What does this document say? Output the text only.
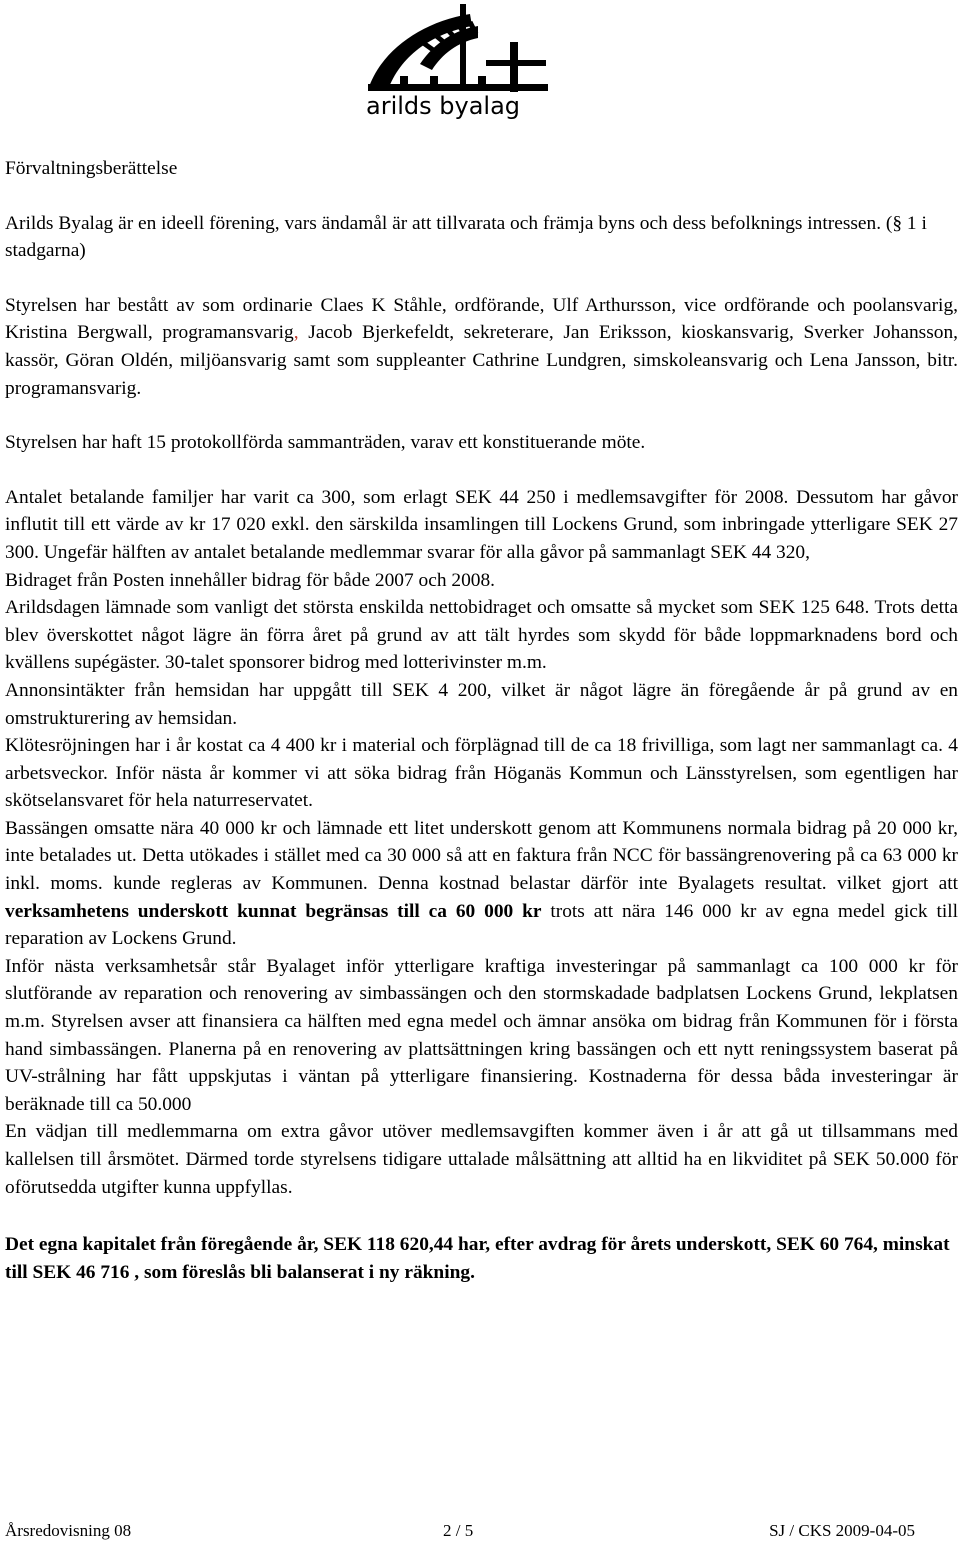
arilds byalag

Förvaltningsberättelse

Arilds Byalag är en ideell förening, vars ändamål är att tillvarata och främja byns och dess befolknings intressen. (§ 1 i stadgarna)

Styrelsen har bestått av som ordinarie Claes K Ståhle, ordförande, Ulf Arthursson, vice ordförande och poolansvarig, Kristina Bergwall, programansvarig, Jacob Bjerkefeldt, sekreterare, Jan Eriksson, kioskansvarig, Sverker Johansson, kassör, Göran Oldén, miljöansvarig samt som suppleanter Cathrine Lundgren, simskoleansvarig och Lena Jansson, bitr. programansvarig.

Styrelsen har haft 15 protokollförda sammanträden, varav ett konstituerande möte.

Antalet betalande familjer har varit ca 300, som erlagt SEK 44 250 i medlemsavgifter för 2008. Dessutom har gåvor influtit till ett värde av kr 17 020 exkl. den särskilda insamlingen till Lockens Grund, som inbringade ytterligare SEK 27 300. Ungefär hälften av antalet betalande medlemmar svarar för alla gåvor på sammanlagt SEK 44 320,

Bidraget från Posten innehåller bidrag för både 2007 och 2008.

Arildsdagen lämnade som vanligt det största enskilda nettobidraget och omsatte så mycket som SEK 125 648. Trots detta blev överskottet något lägre än förra året på grund av att tält hyrdes som skydd för både loppmarknadens bord och kvällens supégäster. 30-talet sponsorer bidrog med lotterivinster m.m.

Annonsintäkter från hemsidan har uppgått till SEK 4 200, vilket är något lägre än föregående år på grund av en omstrukturering av hemsidan.

Klötesröjningen har i år kostat ca 4 400 kr i material och förplägnad till de ca 18 frivilliga, som lagt ner sammanlagt ca. 4 arbetsveckor. Inför nästa år kommer vi att söka bidrag från Höganäs Kommun och Länsstyrelsen, som egentligen har skötselansvaret för hela naturreservatet.

Bassängen omsatte nära 40 000 kr och lämnade ett litet underskott genom att Kommunens normala bidrag på 20 000 kr, inte betalades ut. Detta utökades i stället med ca 30 000 så att en faktura från NCC för bassängrenovering på ca 63 000 kr inkl. moms. kunde regleras av Kommunen. Denna kostnad belastar därför inte Byalagets resultat. vilket gjort att verksamhetens underskott kunnat begränsas till ca 60 000 kr trots att nära 146 000 kr av egna medel gick till reparation av Lockens Grund.

Inför nästa verksamhetsår står Byalaget inför ytterligare kraftiga investeringar på sammanlagt ca 100 000 kr för slutförande av reparation och renovering av simbassängen och den stormskadade badplatsen Lockens Grund, lekplatsen m.m. Styrelsen avser att finansiera ca hälften med egna medel och ämnar ansöka om bidrag från Kommunen för i första hand simbassängen. Planerna på en renovering av plattsättningen kring bassängen och ett nytt reningssystem baserat på UV-strålning har fått uppskjutas i väntan på ytterligare finansiering. Kostnaderna för dessa båda investeringar är beräknade till ca 50.000

En vädjan till medlemmarna om extra gåvor utöver medlemsavgiften kommer även i år att gå ut tillsammans med kallelsen till årsmötet. Därmed torde styrelsens tidigare uttalade målsättning att alltid ha en likviditet på SEK 50.000 för oförutsedda utgifter kunna uppfyllas.

Det egna kapitalet från föregående år, SEK 118 620,44 har, efter avdrag för årets underskott, SEK 60 764, minskat till SEK 46 716 , som föreslås bli balanserat i ny räkning.

Årsredovisning 08	2 / 5	SJ / CKS 2009-04-05
